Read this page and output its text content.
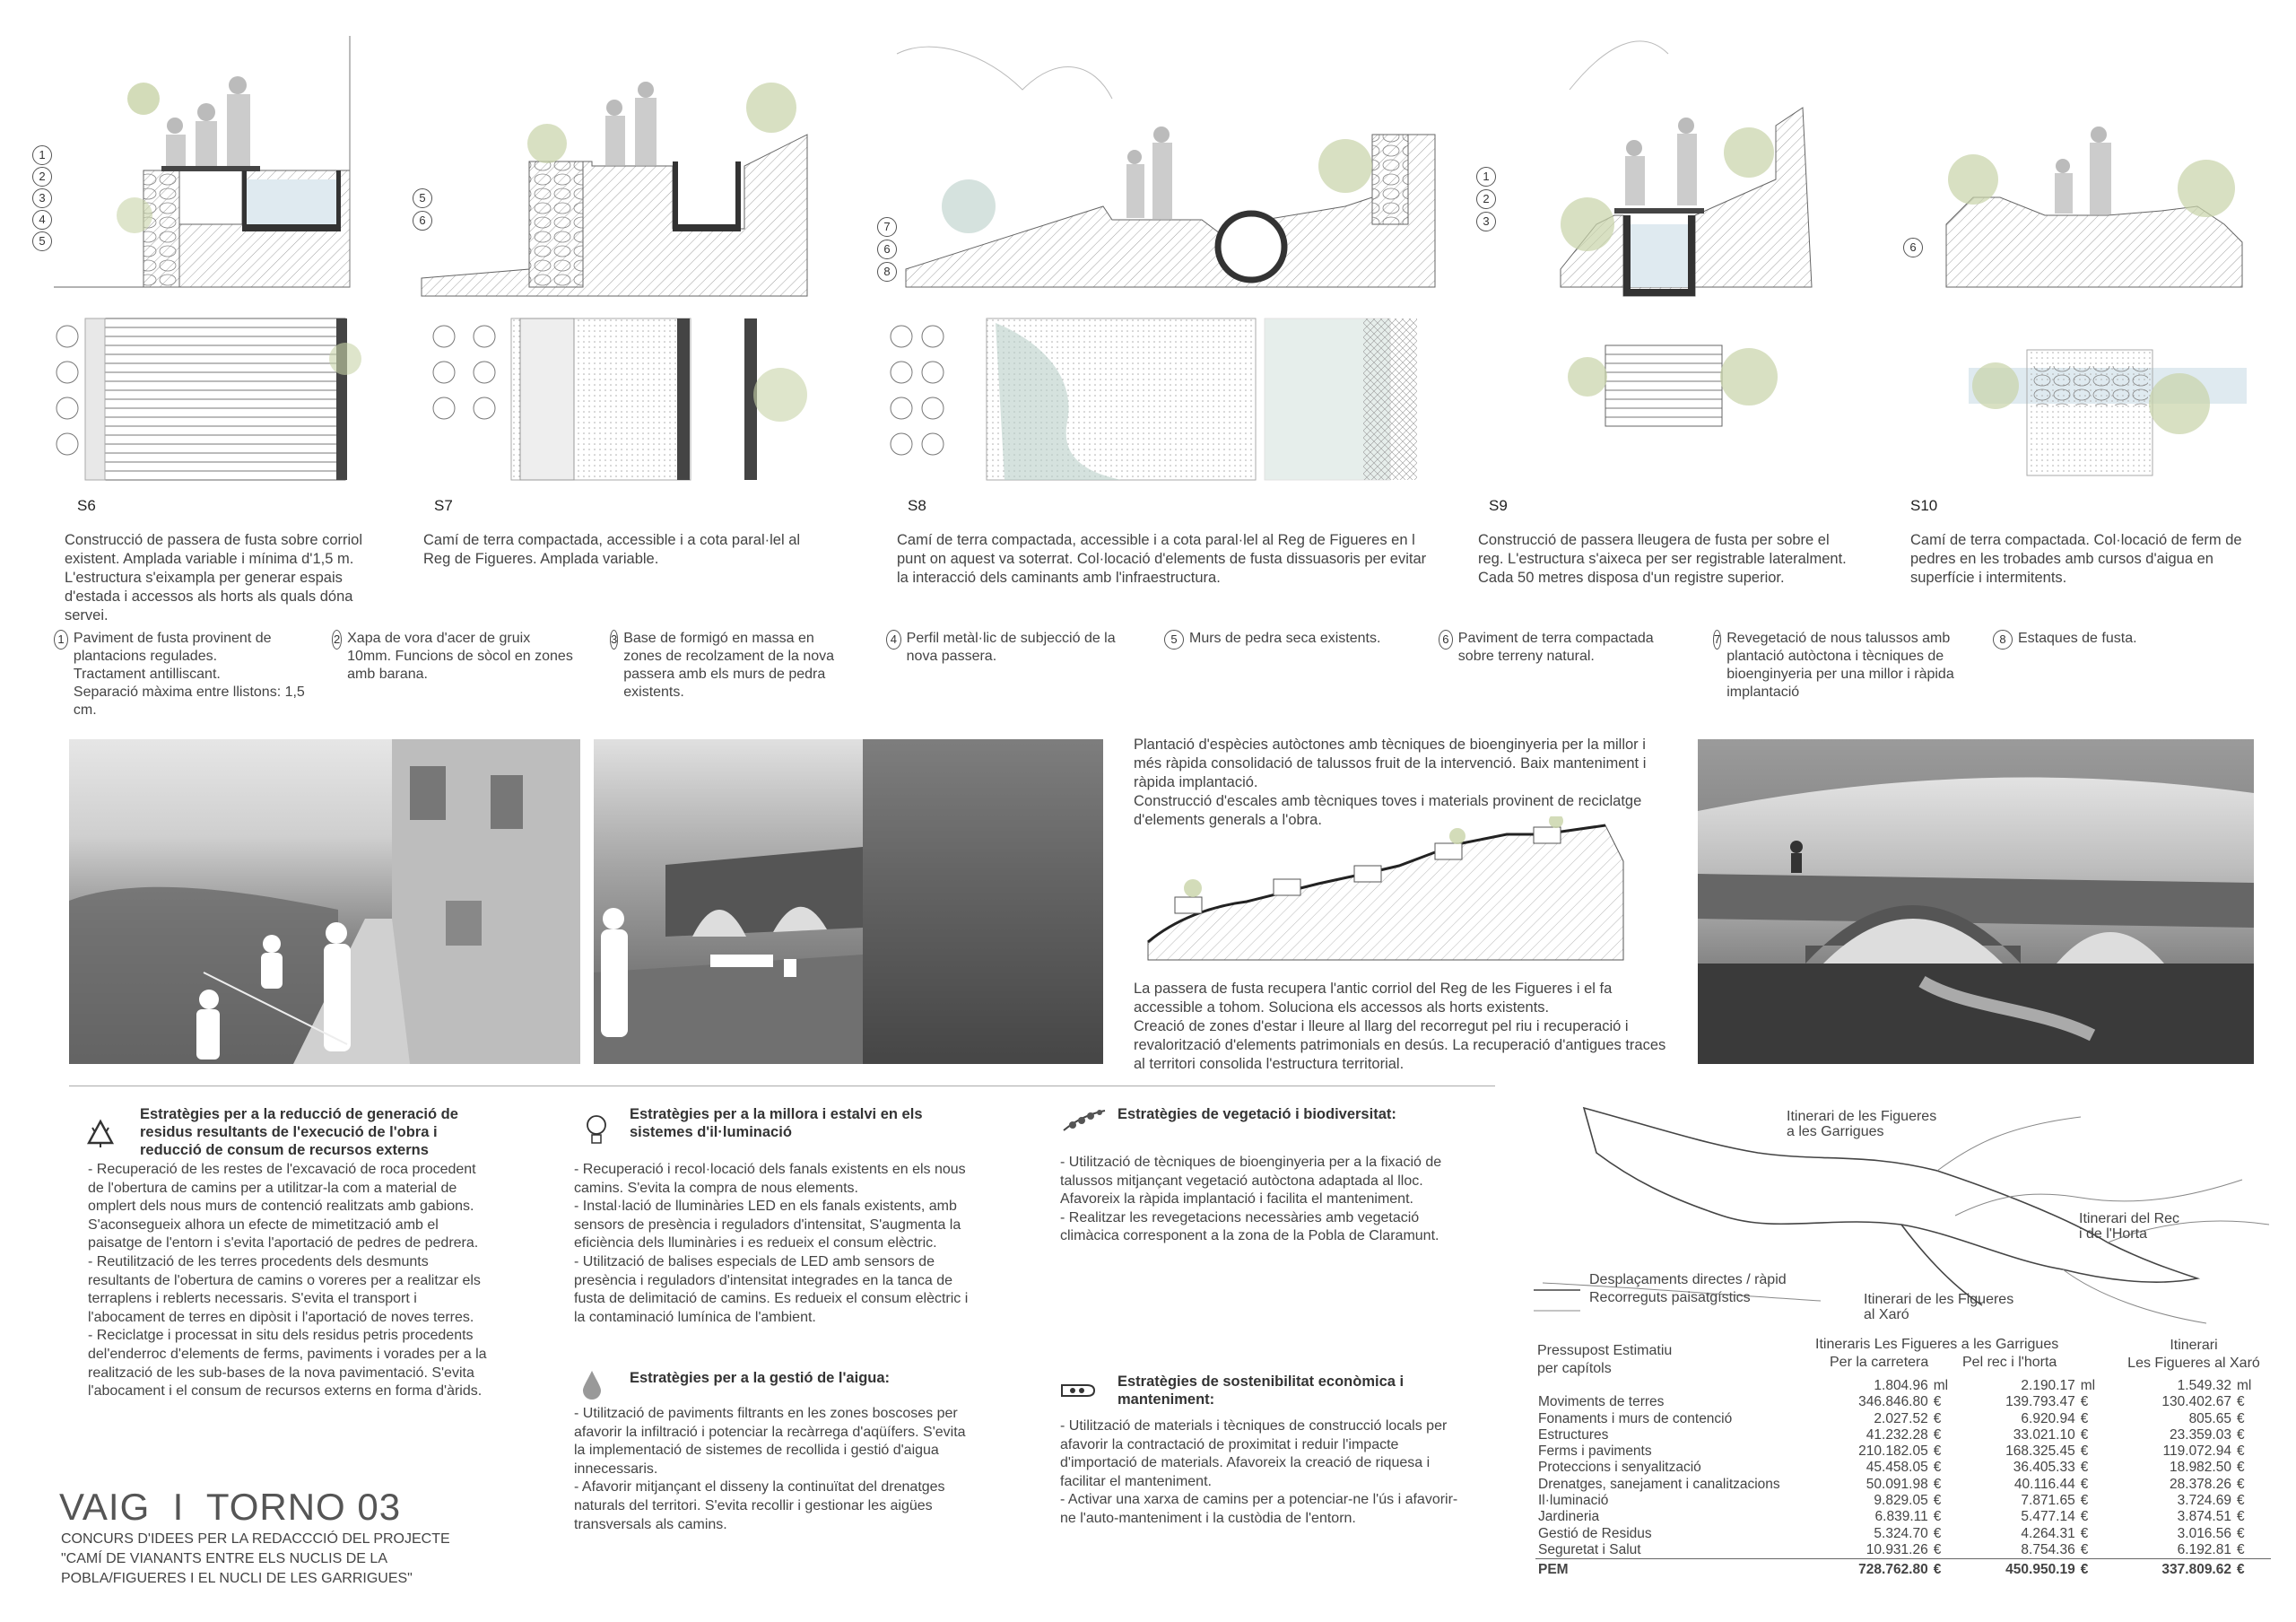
1
2
3
4
5
5
6	7
6
8
1
2
3
6
S6
Construcció de passera de fusta sobre corriol existent. Amplada variable i mínima d'1,5 m. L'estructura s'eixampla per generar espais d'estada i accessos als horts als quals dóna servei.
S7
Camí de terra compactada, accessible i a cota paral·lel al Reg de Figueres. Amplada variable.
S8
Camí de terra compactada, accessible i a cota paral·lel al Reg de Figueres en l punt on aquest va soterrat. Col·locació d'elements de fusta dissuasoris per evitar la interacció dels caminants amb l'infraestructura.
S9
Construcció de passera lleugera de fusta per sobre el reg. L'estructura s'aixeca per ser registrable lateralment. Cada 50 metres disposa d'un registre superior.
S10
Camí de terra compactada. Col·locació de ferm de pedres en les trobades amb cursos d'aigua en superfície i intermitents.
1 Paviment de fusta provinent de plantacions regulades.
Tractament antilliscant.
Separació màxima entre llistons: 1,5 cm.
2 Xapa de vora d'acer de gruix 10mm. Funcions de sòcol en zones amb barana.
3 Base de formigó en massa en zones de recolzament de la nova passera amb els murs de pedra existents.
4 Perfil metàl·lic de subjecció de la nova passera.
5 Murs de pedra seca existents.	6 Paviment de terra compactada sobre terreny natural.
7 Revegetació de nous talussos amb plantació autòctona i tècniques de bioenginyeria per una millor i ràpida implantació
8 Estaques de fusta.
Plantació d'espècies autòctones amb tècniques de bioenginyeria per la millor i més ràpida consolidació de talussos fruit de la intervenció. Baix manteniment i ràpida implantació.
Construcció d'escales amb tècniques toves i materials provinent de reciclatge d'elements generals a l'obra.
La passera de fusta recupera l'antic corriol del Reg de les Figueres i el fa accessible a tohom. Soluciona els accessos als horts existents.
Creació de zones d'estar i lleure al llarg del recorregut pel riu i recuperació i revalorització d'elements patrimonials en desús. La recuperació d'antigues traces al territori consolida l'estructura territorial.
Estratègies per a la reducció de generació de residus resultants de l'execució de l'obra i reducció de consum de recursos externs
- Recuperació de les restes de l'excavació de roca procedent de l'obertura de camins per a utilitzar-la com a material de omplert dels nous murs de contenció realitzats amb gabions. S'aconsegueix alhora un efecte de mimetització amb el paisatge de l'entorn i s'evita l'aportació de pedres de pedrera.
- Reutilització de les terres procedents dels desmunts resultants de l'obertura de camins o voreres per a realitzar els terraplens i reblerts necessaris. S'evita el transport i l'abocament de terres en dipòsit i l'aportació de noves terres.
- Reciclatge i processat in situ dels residus petris procedents del'enderroc d'elements de ferms, paviments i vorades per a la realització de les sub-bases de la nova pavimentació. S'evita l'abocament i el consum de recursos externs en forma d'àrids.
Estratègies per a la millora i estalvi en els sistemes d'il·luminació
- Recuperació i recol·locació dels fanals existents en els nous camins. S'evita la compra de nous elements.
- Instal·lació de lluminàries LED en els fanals existents, amb sensors de presència i reguladors d'intensitat, S'augmenta la eficiència dels lluminàries i es redueix el consum elèctric.
- Utilització de balises especials de LED amb sensors de presència i reguladors d'intensitat integrades en la tanca de fusta de delimitació de camins. Es redueix el consum elèctric i la contaminació lumínica de l'ambient.
Estratègies per a la gestió de l'aigua:
- Utilització de paviments filtrants en les zones boscoses per afavorir la infiltració i potenciar la recàrrega d'aqüífers. S'evita la implementació de sistemes de recollida i gestió d'aigua innecessaris.
- Afavorir mitjançant el disseny la continuïtat del drenatges naturals del territori. S'evita recollir i gestionar les aigües transversals als camins.
Estratègies de vegetació i biodiversitat:
- Utilització de tècniques de bioenginyeria per a la fixació de talussos mitjançant vegetació autòctona adaptada al lloc. Afavoreix la ràpida implantació i facilita el manteniment.
- Realitzar les revegetacions necessàries amb vegetació climàcica corresponent a la zona de la Pobla de Claramunt.
Estratègies de sostenibilitat econòmica i manteniment:
- Utilització de materials i tècniques de construcció locals per afavorir la contractació de proximitat i reduir l'impacte d'importació de materials. Afavoreix la creació de riquesa i facilitar el manteniment.
- Activar una xarxa de camins per a potenciar-ne l'ús i afavorir-ne l'auto-manteniment i la custòdia de l'entorn.
Itinerari de les Figueres
a les Garrigues
Itinerari del Rec
i de l'Horta
Itinerari de les Figueres
al Xaró
Desplaçaments directes / ràpid
Recorreguts paisatgístics
Pressupost Estimatiu
per capítols
Itineraris Les Figueres a les Garrigues
Per la carretera Pel rec i l'horta
Itinerari
Les Figueres al Xaró
	1.804.96	ml	2.190.17	ml	1.549.32	ml
Moviments de terres	346.846.80	€	139.793.47	€	130.402.67	€
Fonaments i murs de contenció	2.027.52	€	6.920.94	€	805.65	€
Estructures	41.232.28	€	33.021.10	€	23.359.03	€
Ferms i paviments	210.182.05	€	168.325.45	€	119.072.94	€
Proteccions i senyalització	45.458.05	€	36.405.33	€	18.982.50	€
Drenatges, sanejament i canalitzacions	50.091.98	€	40.116.44	€	28.378.26	€
Il·luminació	9.829.05	€	7.871.65	€	3.724.69	€
Jardineria	6.839.11	€	5.477.14	€	3.874.51	€
Gestió de Residus	5.324.70	€	4.264.31	€	3.016.56	€
Seguretat i Salut	10.931.26	€	8.754.36	€	6.192.81	€
PEM	728.762.80	€	450.950.19	€	337.809.62	€
VAIG  I  TORNO 03
CONCURS D'IDEES PER LA REDACCCIÓ DEL PROJECTE
"CAMÍ DE VIANANTS ENTRE ELS NUCLIS DE LA
POBLA/FIGUERES I EL NUCLI DE LES GARRIGUES"
